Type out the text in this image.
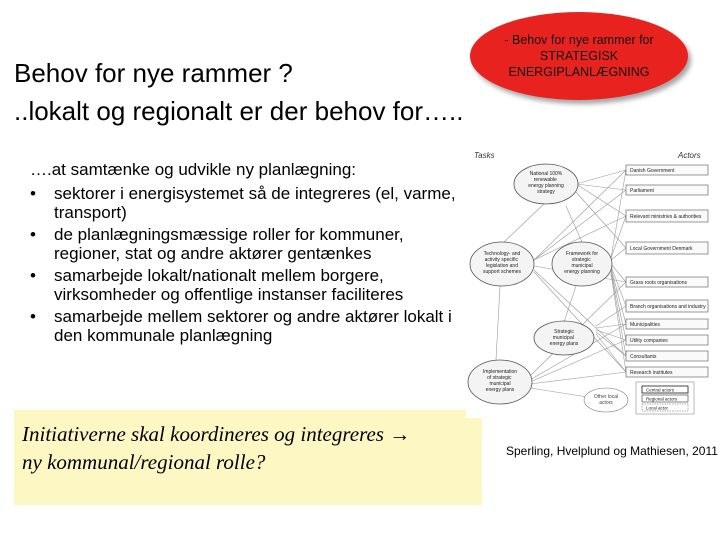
- Behov for nye rammer for
STRATEGISK
ENERGIPLANLÆGNING
Behov for nye rammer ?
..lokalt og regionalt er der behov for…..
….at samtænke og udvikle ny planlægning:
• sektorer i energisystemet så de integreres (el, varme, transport)
• de planlægningsmæssige roller for kommuner, regioner, stat og andre aktører gentænkes
• samarbejde lokalt/nationalt mellem borgere, virksomheder og offentlige instanser faciliteres
• samarbejde mellem sektorer og andre aktører lokalt i den kommunale planlægning
Initiativerne skal koordineres og integreres →
ny kommunal/regional rolle?
Tasks	Actors
National 100% renewable energy planning strategy
Technology- and activity specific legislation and support schemes
Framework for strategic municipal energy planning
Strategic municipal energy plans
Implementation of strategic municipal energy plans
Other local actors
Danish Government
Parliament
Relevant ministries & authorities
Local Government Denmark
Grass roots organisations
Branch organisations and industry
Municipalities
Utility companies
Consultants
Research institutes
Central actors
Regional actors
Local actor
Sperling, Hvelplund og Mathiesen, 2011
